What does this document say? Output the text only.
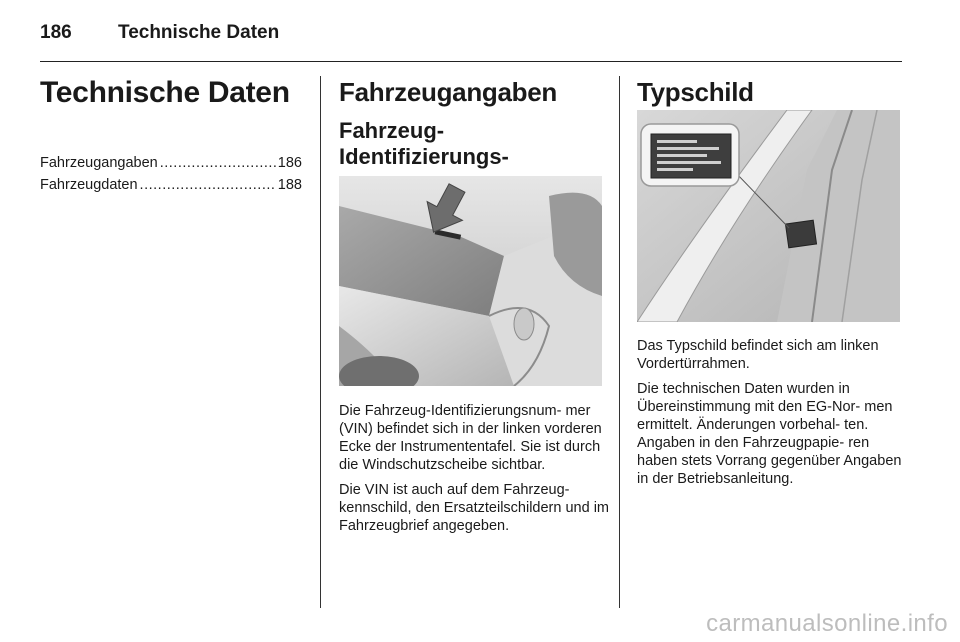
186 Technische Daten
Technische Daten
Fahrzeugangaben .....	186
Fahrzeugdaten .....	188
Fahrzeugangaben
Fahrzeug-Identifizierungs-

Die Fahrzeug-Identifizierungsnum- mer (VIN) befindet sich in der linken vorderen Ecke der Instrumententafel. Sie ist durch die Windschutzscheibe sichtbar.

Die VIN ist auch auf dem Fahrzeug- kennschild, den Ersatzteilschildern und im Fahrzeugbrief angegeben.

Typschild

Das Typschild befindet sich am linken Vordertürrahmen.

Die technischen Daten wurden in Übereinstimmung mit den EG-Nor- men ermittelt. Änderungen vorbehal- ten. Angaben in den Fahrzeugpapie- ren haben stets Vorrang gegenüber Angaben in der Betriebsanleitung.

carmanualsonline.info
